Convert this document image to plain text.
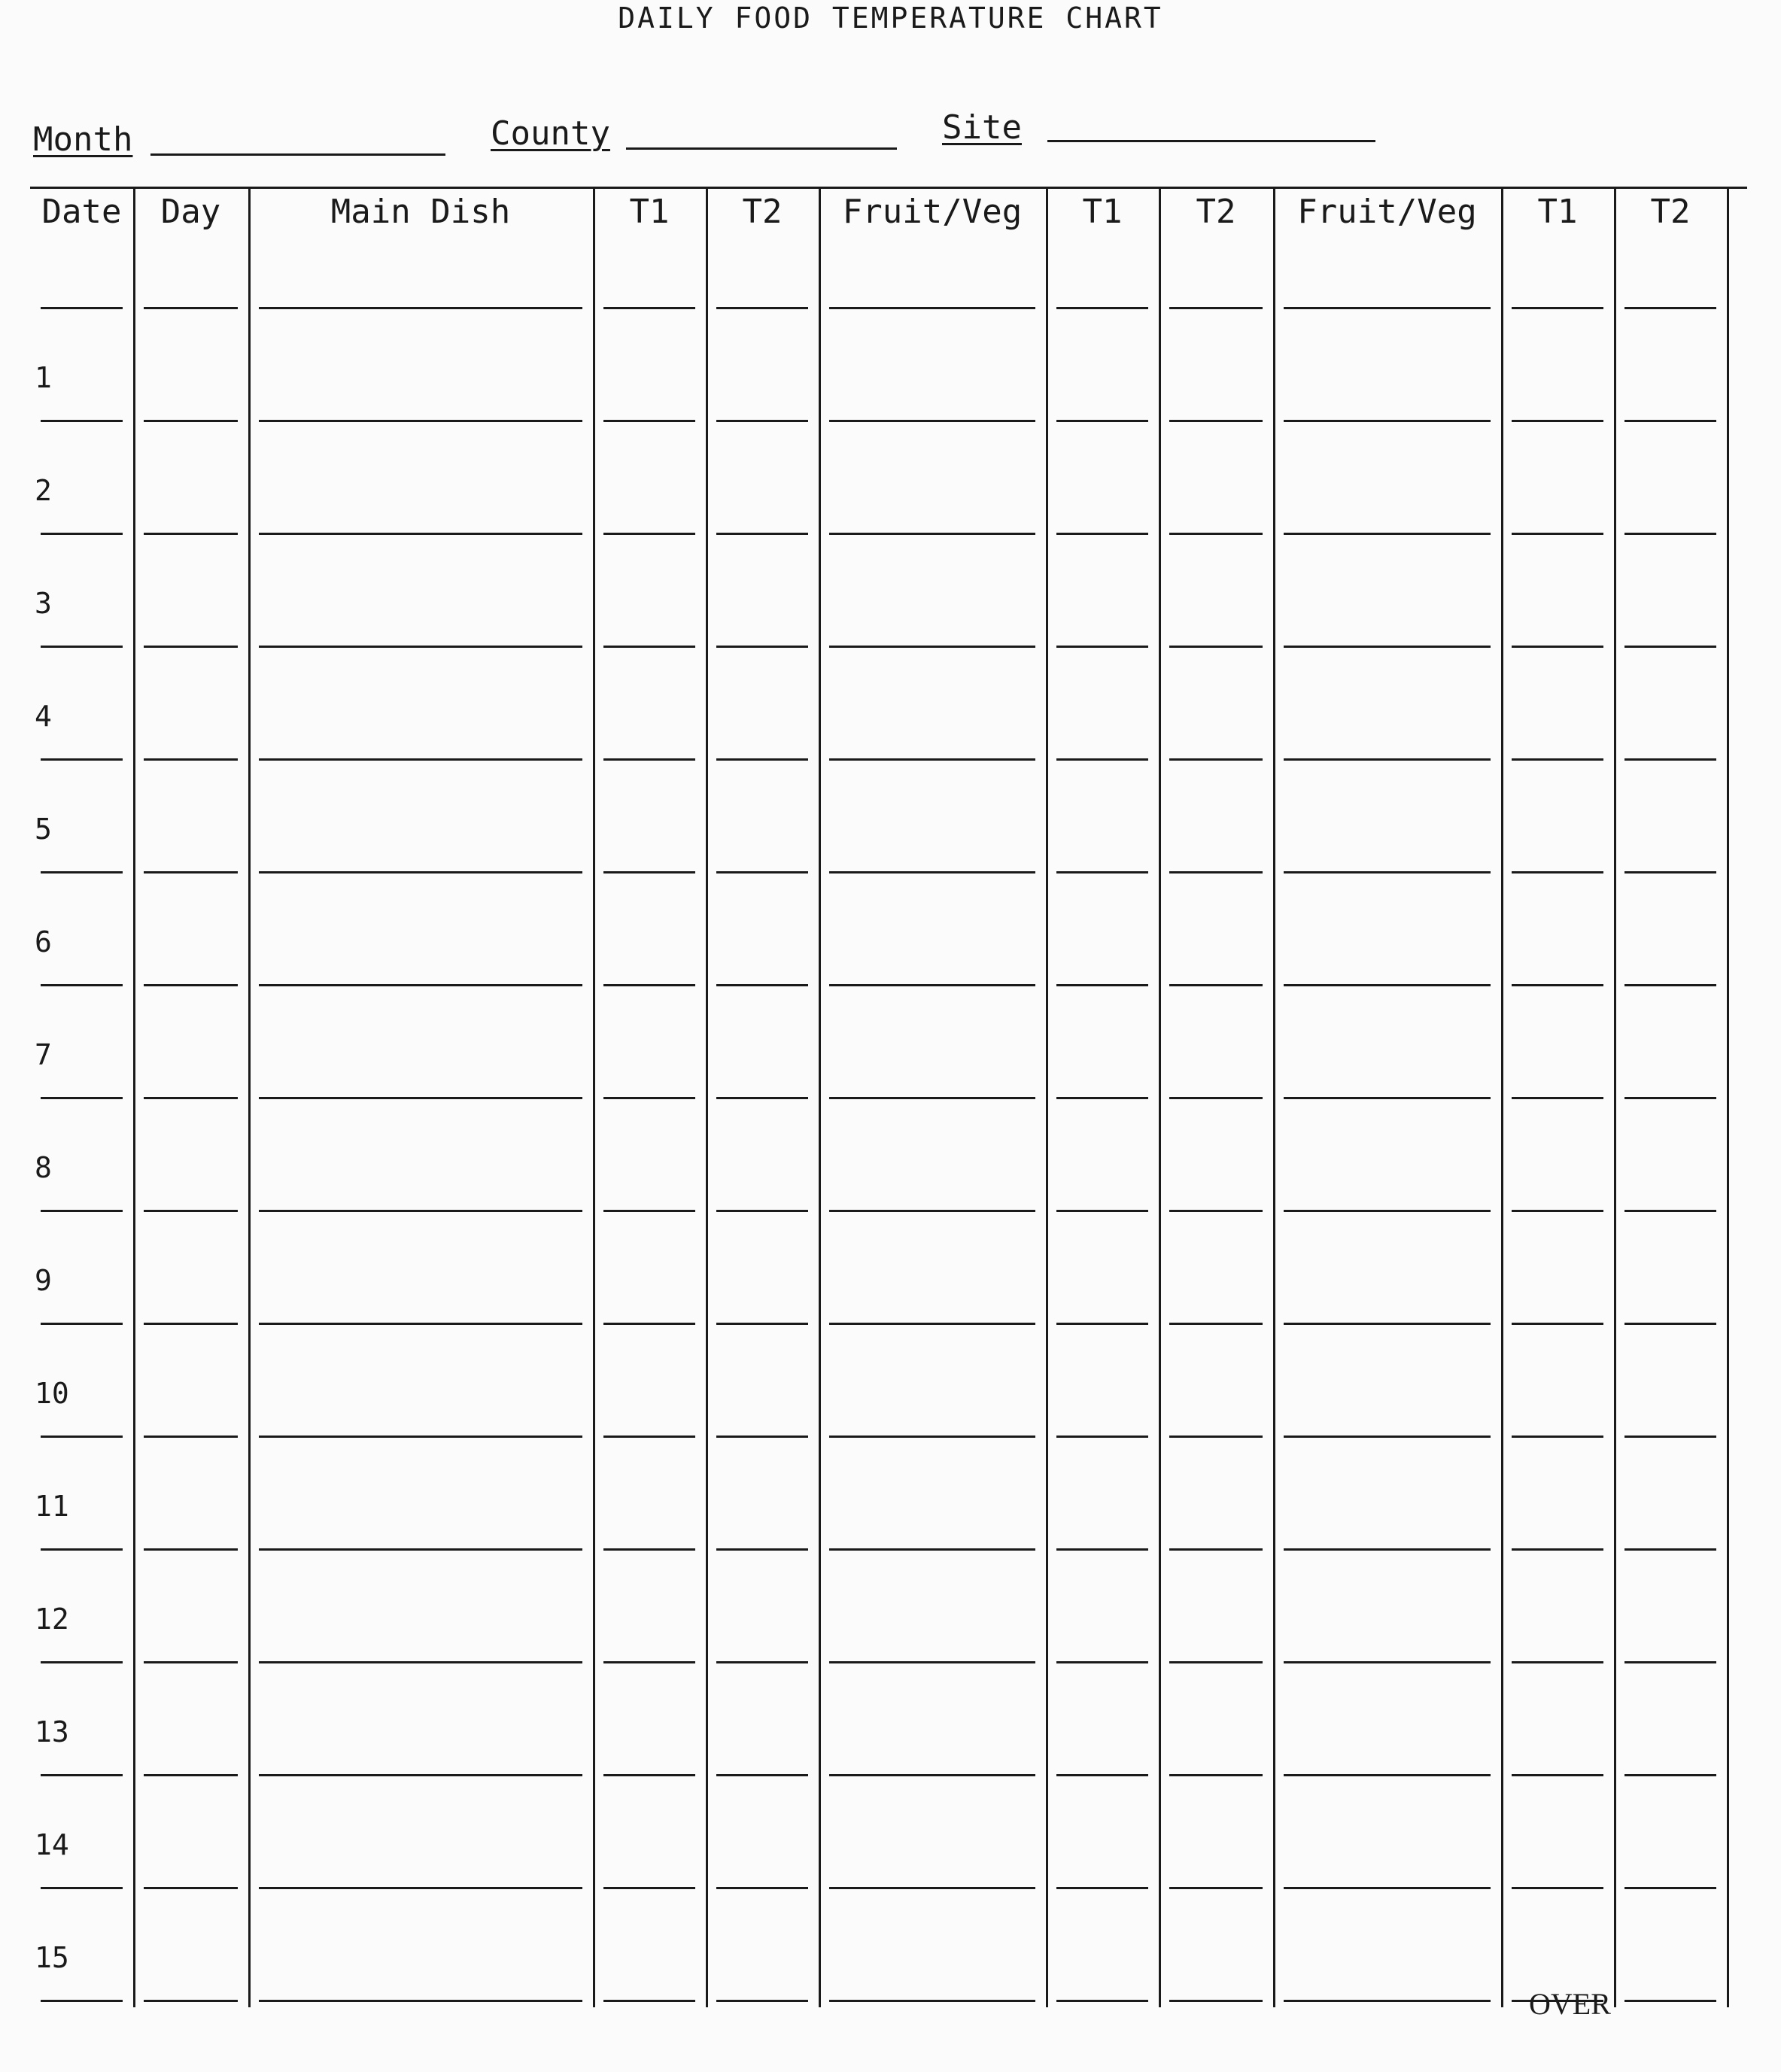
DAILY FOOD TEMPERATURE CHART
Month	County	Site
Date	Day	Main Dish	T1	T2	Fruit/Veg	T1	T2	Fruit/Veg	T1	T2
1
2
3
4
5
6
7
8
9
10
11
12
13
14
15
OVER
